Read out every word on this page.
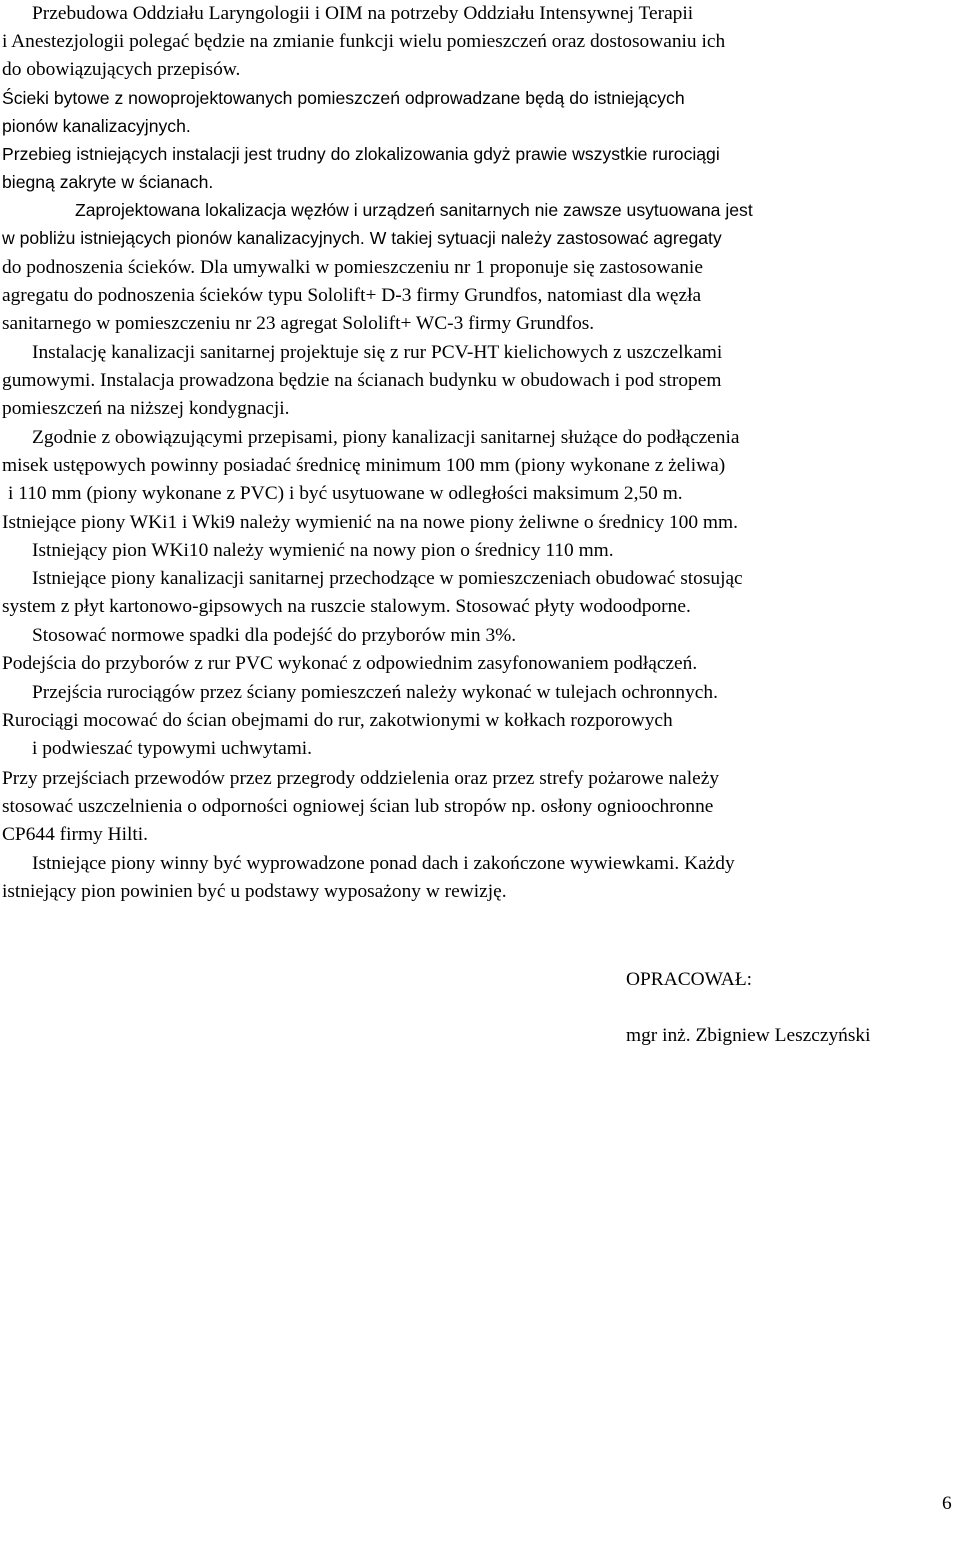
Przebudowa Oddziału Laryngologii i OIM na potrzeby Oddziału Intensywnej Terapii
i Anestezjologii polegać będzie na zmianie funkcji wielu pomieszczeń oraz dostosowaniu ich
do obowiązujących przepisów.
Ścieki bytowe z nowoprojektowanych pomieszczeń odprowadzane będą do istniejących
pionów kanalizacyjnych.
Przebieg istniejących instalacji jest trudny do zlokalizowania gdyż prawie wszystkie rurociągi
biegną zakryte w ścianach.
Zaprojektowana lokalizacja węzłów i urządzeń sanitarnych nie zawsze usytuowana jest
w pobliżu istniejących pionów kanalizacyjnych. W takiej sytuacji należy zastosować agregaty
do podnoszenia ścieków. Dla umywalki w pomieszczeniu nr 1 proponuje się zastosowanie
agregatu do podnoszenia ścieków typu Sololift+ D-3 firmy Grundfos, natomiast dla węzła
sanitarnego w pomieszczeniu nr 23 agregat Sololift+ WC-3 firmy Grundfos.
Instalację kanalizacji sanitarnej projektuje się z rur PCV-HT kielichowych z uszczelkami
gumowymi. Instalacja prowadzona będzie na ścianach budynku w obudowach i pod stropem
pomieszczeń na niższej kondygnacji.
Zgodnie z obowiązującymi przepisami, piony kanalizacji sanitarnej służące do podłączenia
misek ustępowych powinny posiadać średnicę minimum 100 mm (piony wykonane z żeliwa)
i 110 mm (piony wykonane z PVC) i być usytuowane w odległości maksimum 2,50 m.
Istniejące piony WKi1 i Wki9 należy wymienić na na nowe piony żeliwne o średnicy 100 mm.
Istniejący pion WKi10 należy wymienić na nowy pion o średnicy 110 mm.
Istniejące piony kanalizacji sanitarnej przechodzące w pomieszczeniach obudować stosując
system z płyt kartonowo-gipsowych na ruszcie stalowym. Stosować płyty wodoodporne.
Stosować normowe spadki dla podejść do przyborów min 3%.
Podejścia do przyborów z rur PVC wykonać z odpowiednim zasyfonowaniem podłączeń.
Przejścia rurociągów przez ściany pomieszczeń należy wykonać w tulejach ochronnych.
Rurociągi mocować do ścian obejmami do rur, zakotwionymi w kołkach rozporowych
i podwieszać typowymi uchwytami.
Przy przejściach przewodów przez przegrody oddzielenia oraz przez strefy pożarowe należy
stosować uszczelnienia o odporności ogniowej ścian lub stropów np. osłony ognioochronne
CP644 firmy Hilti.
Istniejące piony winny być wyprowadzone ponad dach i zakończone wywiewkami. Każdy
istniejący pion powinien być u podstawy wyposażony w rewizję.
OPRACOWAŁ:
mgr inż. Zbigniew Leszczyński
6
